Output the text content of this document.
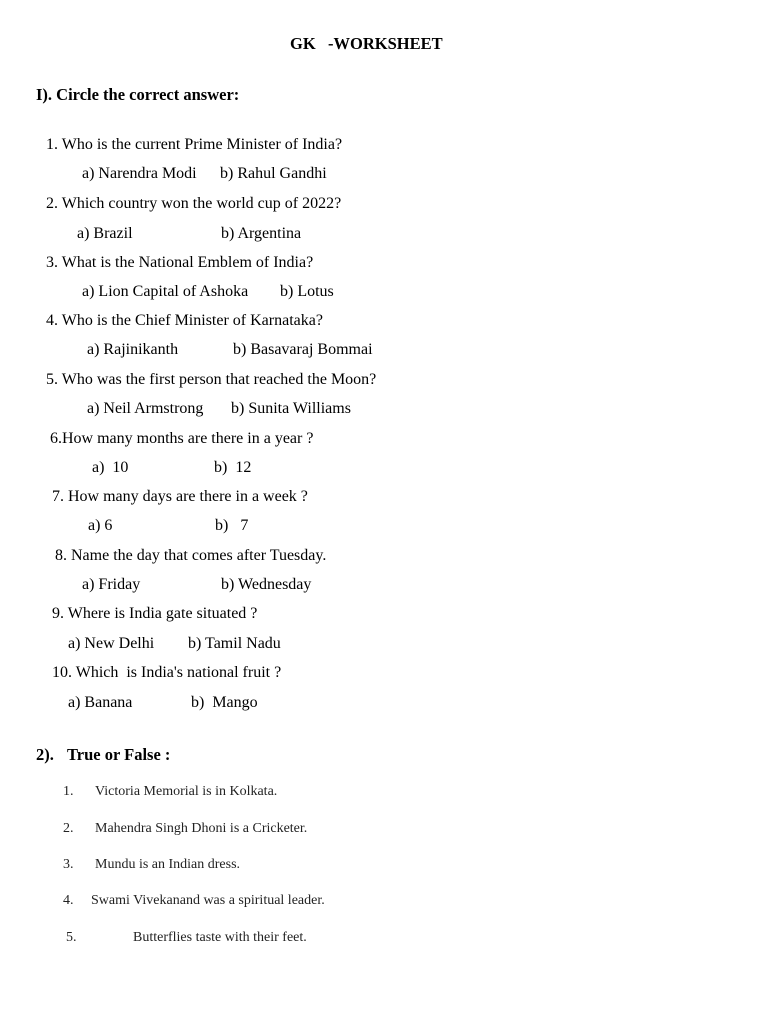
GK   -WORKSHEET
I). Circle the correct answer:
1. Who is the current Prime Minister of India?
a) Narendra Modi b) Rahul Gandhi
2. Which country won the world cup of 2022?
a) Brazil	b) Argentina
3. What is the National Emblem of India?
a) Lion Capital of Ashoka b) Lotus
4. Who is the Chief Minister of Karnataka?
a) Rajinikanth	b) Basavaraj Bommai
5. Who was the first person that reached the Moon?
a) Neil Armstrong b) Sunita Williams
6.How many months are there in a year ?
a)  10	b)  12
7. How many days are there in a week ?
a) 6	b)   7
8. Name the day that comes after Tuesday.
a) Friday	b) Wednesday
9. Where is India gate situated ?
a) New Delhi b) Tamil Nadu
10. Which  is India's national fruit ?
a) Banana	b)  Mango
2). True or False :
1. Victoria Memorial is in Kolkata.
2. Mahendra Singh Dhoni is a Cricketer.
3. Mundu is an Indian dress.
4. Swami Vivekanand was a spiritual leader.
5.	Butterflies taste with their feet.
